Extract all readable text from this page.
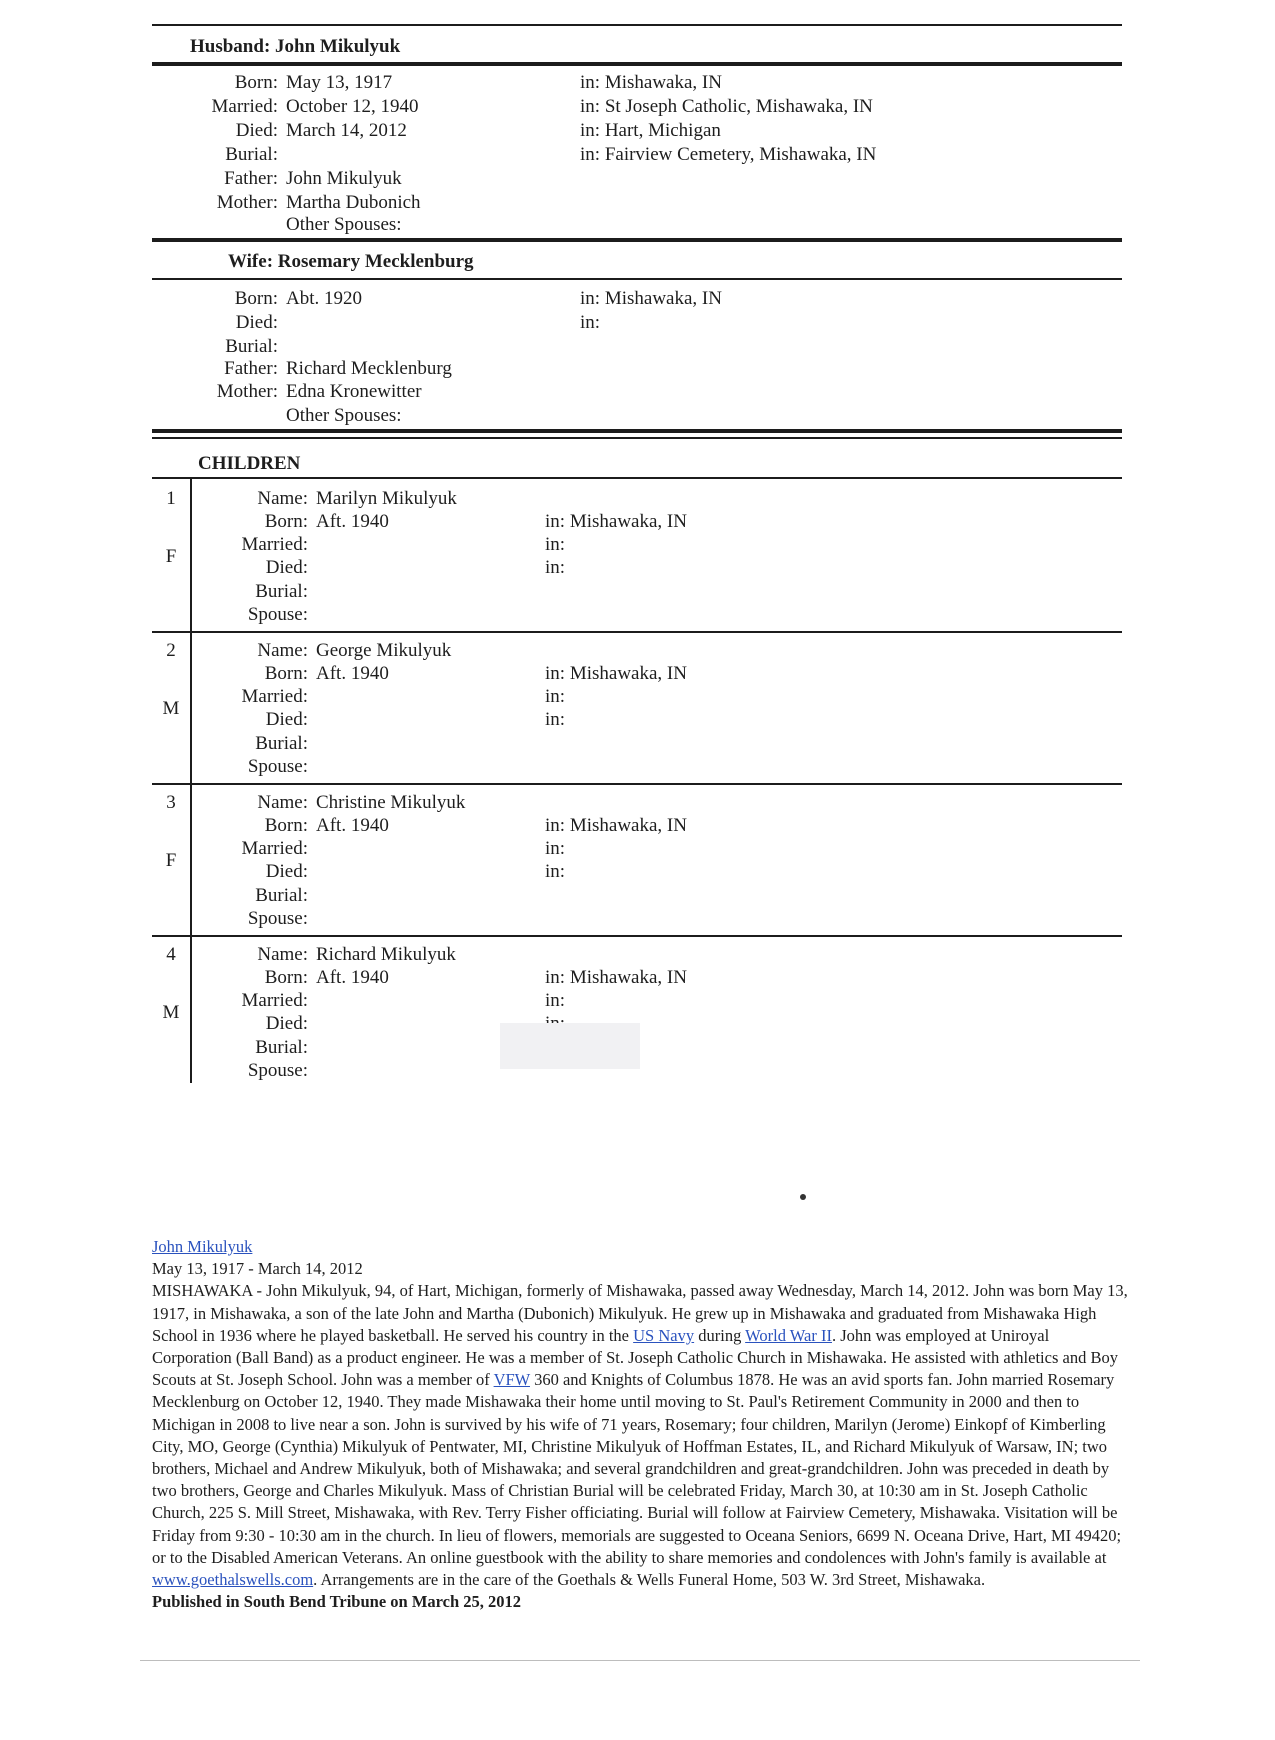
Husband: John Mikulyuk
Born: May 13, 1917	in: Mishawaka, IN
Married: October 12, 1940	in: St Joseph Catholic, Mishawaka, IN
Died: March 14, 2012	in: Hart, Michigan
Burial:	in: Fairview Cemetery, Mishawaka, IN
Father: John Mikulyuk
Mother: Martha Dubonich
Other Spouses:
Wife: Rosemary Mecklenburg
Born: Abt. 1920	in: Mishawaka, IN
Died:	in:
Burial:
Father: Richard Mecklenburg
Mother: Edna Kronewitter
Other Spouses:
CHILDREN
1
F
Name: Marilyn Mikulyuk
Born: Aft. 1940	in: Mishawaka, IN
Married:	in:
Died:	in:
Burial:
Spouse:
2
M
Name: George Mikulyuk
Born: Aft. 1940	in: Mishawaka, IN
Married:	in:
Died:	in:
Burial:
Spouse:
3
F
Name: Christine Mikulyuk
Born: Aft. 1940	in: Mishawaka, IN
Married:	in:
Died:	in:
Burial:
Spouse:
4
M
Name: Richard Mikulyuk
Born: Aft. 1940	in: Mishawaka, IN
Married:	in:
Died:
Burial:
Spouse:
John Mikulyuk
May 13, 1917 - March 14, 2012
MISHAWAKA - John Mikulyuk, 94, of Hart, Michigan, formerly of Mishawaka, passed away Wednesday, March 14, 2012. John was born May 13, 1917, in Mishawaka, a son of the late John and Martha (Dubonich) Mikulyuk. He grew up in Mishawaka and graduated from Mishawaka High School in 1936 where he played basketball. He served his country in the US Navy during World War II. John was employed at Uniroyal Corporation (Ball Band) as a product engineer. He was a member of St. Joseph Catholic Church in Mishawaka. He assisted with athletics and Boy Scouts at St. Joseph School. John was a member of VFW 360 and Knights of Columbus 1878. He was an avid sports fan. John married Rosemary Mecklenburg on October 12, 1940. They made Mishawaka their home until moving to St. Paul's Retirement Community in 2000 and then to Michigan in 2008 to live near a son. John is survived by his wife of 71 years, Rosemary; four children, Marilyn (Jerome) Einkopf of Kimberling City, MO, George (Cynthia) Mikulyuk of Pentwater, MI, Christine Mikulyuk of Hoffman Estates, IL, and Richard Mikulyuk of Warsaw, IN; two brothers, Michael and Andrew Mikulyuk, both of Mishawaka; and several grandchildren and great-grandchildren. John was preceded in death by two brothers, George and Charles Mikulyuk. Mass of Christian Burial will be celebrated Friday, March 30, at 10:30 am in St. Joseph Catholic Church, 225 S. Mill Street, Mishawaka, with Rev. Terry Fisher officiating. Burial will follow at Fairview Cemetery, Mishawaka. Visitation will be Friday from 9:30 - 10:30 am in the church. In lieu of flowers, memorials are suggested to Oceana Seniors, 6699 N. Oceana Drive, Hart, MI 49420; or to the Disabled American Veterans. An online guestbook with the ability to share memories and condolences with John's family is available at www.goethalswells.com. Arrangements are in the care of the Goethals & Wells Funeral Home, 503 W. 3rd Street, Mishawaka.
Published in South Bend Tribune on March 25, 2012
